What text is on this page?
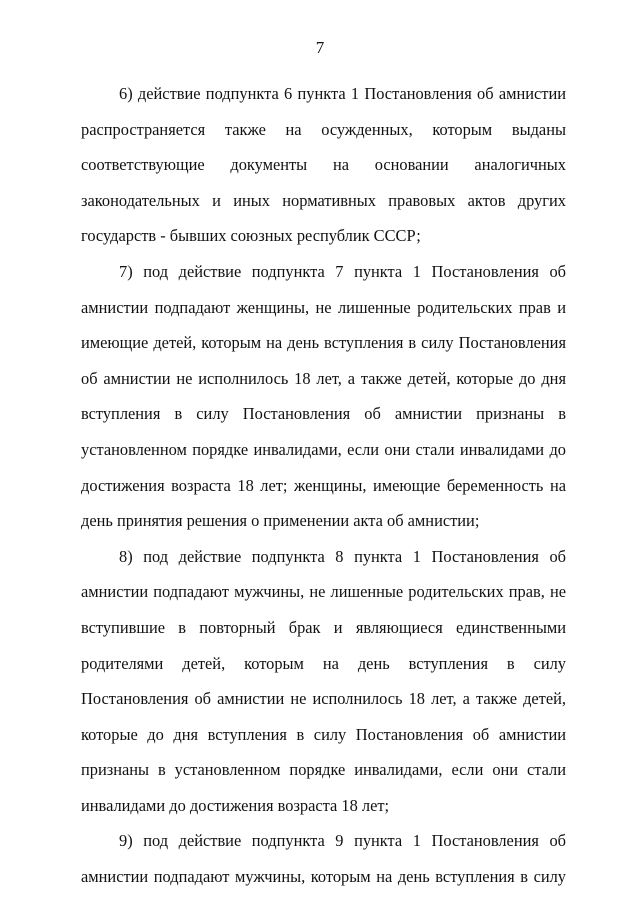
7

6) действие подпункта 6 пункта 1 Постановления об амнистии распространяется также на осужденных, которым выданы соответствующие документы на основании аналогичных законодательных и иных нормативных правовых актов других государств - бывших союзных республик СССР;

7) под действие подпункта 7 пункта 1 Постановления об амнистии подпадают женщины, не лишенные родительских прав и имеющие детей, которым на день вступления в силу Постановления об амнистии не исполнилось 18 лет, а также детей, которые до дня вступления в силу Постановления об амнистии признаны в установленном порядке инвалидами, если они стали инвалидами до достижения возраста 18 лет; женщины, имеющие беременность на день принятия решения о применении акта об амнистии;

8) под действие подпункта 8 пункта 1 Постановления об амнистии подпадают мужчины, не лишенные родительских прав, не вступившие в повторный брак и являющиеся единственными родителями детей, которым на день вступления в силу Постановления об амнистии не исполнилось 18 лет, а также детей, которые до дня вступления в силу Постановления об амнистии признаны в установленном порядке инвалидами, если они стали инвалидами до достижения возраста 18 лет;

9) под действие подпункта 9 пункта 1 Постановления об амнистии подпадают мужчины, которым на день вступления в силу
